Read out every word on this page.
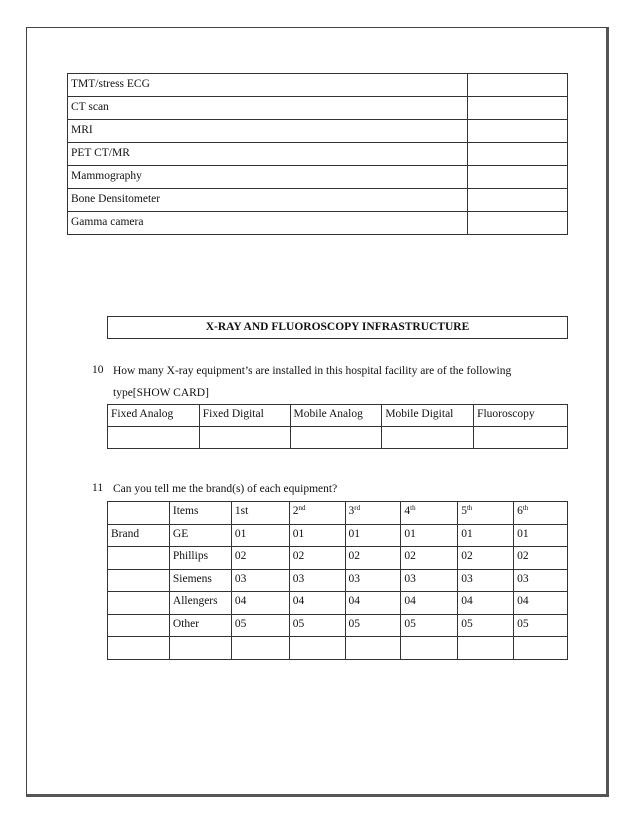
TMT/stress ECG	
CT scan	
MRI	
PET CT/MR	
Mammography	
Bone Densitometer	
Gamma camera	
X-RAY AND FLUOROSCOPY INFRASTRUCTURE
10 How many X-ray equipment’s are installed in this hospital facility are of the following
type[SHOW CARD]
Fixed Analog	Fixed Digital	Mobile Analog	Mobile Digital	Fluoroscopy

11 Can you tell me the brand(s) of each equipment?
	Items	1st	2nd	3rd	4th	5th	6th
Brand	GE	01	01	01	01	01	01
	Phillips	02	02	02	02	02	02
	Siemens	03	03	03	03	03	03
	Allengers	04	04	04	04	04	04
	Other	05	05	05	05	05	05
